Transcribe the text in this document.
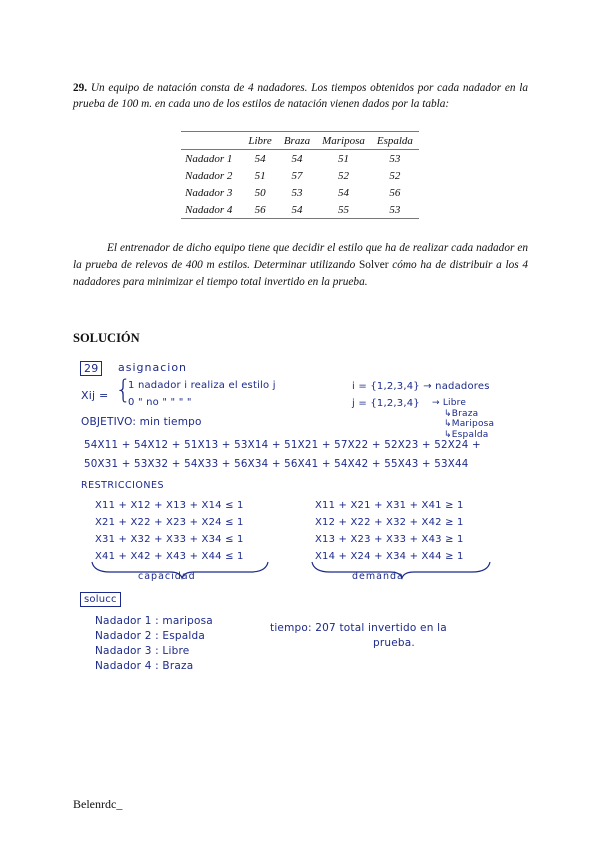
29. Un equipo de natación consta de 4 nadadores. Los tiempos obtenidos por cada nadador en la prueba de 100 m. en cada uno de los estilos de natación vienen dados por la tabla:

	Libre	Braza	Mariposa	Espalda
Nadador 1	54	54	51	53
Nadador 2	51	57	52	52
Nadador 3	50	53	54	56
Nadador 4	56	54	55	53

El entrenador de dicho equipo tiene que decidir el estilo que ha de realizar cada nadador en la prueba de relevos de 400 m estilos. Determinar utilizando Solver cómo ha de distribuir a los 4 nadadores para minimizar el tiempo total invertido en la prueba.

SOLUCIÓN

29	asignacion
Xij = {
1 nadador i realiza el estilo j
0 " no " " " "
i = {1,2,3,4} → nadadores
j = {1,2,3,4} → Libre
↳Braza
↳Mariposa
↳Espalda
OBJETIVO: min tiempo
54X11 + 54X12 + 51X13 + 53X14 + 51X21 + 57X22 + 52X23 + 52X24 +
50X31 + 53X32 + 54X33 + 56X34 + 56X41 + 54X42 + 55X43 + 53X44
RESTRICCIONES
X11 + X12 + X13 + X14 ≤ 1
X21 + X22 + X23 + X24 ≤ 1
X31 + X32 + X33 + X34 ≤ 1
X41 + X42 + X43 + X44 ≤ 1
X11 + X21 + X31 + X41 ≥ 1
X12 + X22 + X32 + X42 ≥ 1
X13 + X23 + X33 + X43 ≥ 1
X14 + X24 + X34 + X44 ≥ 1
capacidad	demanda
solucc
Nadador 1 : mariposa
Nadador 2 : Espalda
Nadador 3 : Libre
Nadador 4 : Braza
tiempo: 207 total invertido en la
prueba.

Belenrdc_
